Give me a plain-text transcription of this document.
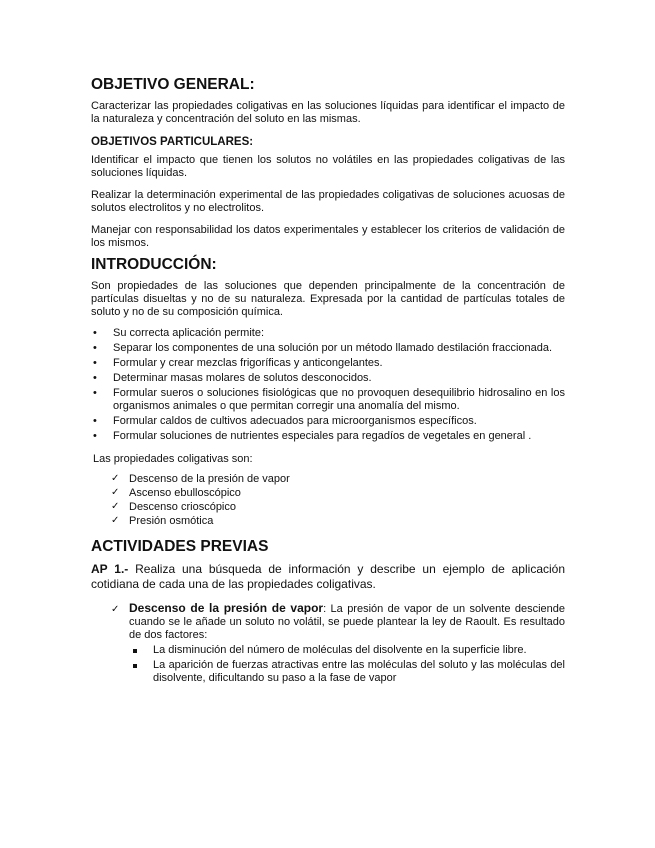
OBJETIVO GENERAL:

Caracterizar las propiedades coligativas en las soluciones líquidas para identificar el impacto de la naturaleza y concentración del soluto en las mismas.

OBJETIVOS PARTICULARES:

Identificar el impacto que tienen los solutos no volátiles en las propiedades coligativas de las soluciones líquidas.

Realizar la determinación experimental de las propiedades coligativas de soluciones acuosas de solutos electrolitos y no electrolitos.

Manejar con responsabilidad los datos experimentales y establecer los criterios de validación de los mismos.

INTRODUCCIÓN:

Son propiedades de las soluciones que dependen principalmente de la concentración de partículas disueltas y no de su naturaleza. Expresada por la cantidad de partículas totales de soluto y no de su composición química.

• Su correcta aplicación permite:
• Separar los componentes de una solución por un método llamado destilación fraccionada.
• Formular y crear mezclas frigoríficas y anticongelantes.
• Determinar masas molares de solutos desconocidos.
• Formular sueros o soluciones fisiológicas que no provoquen desequilibrio hidrosalino en los organismos animales o que permitan corregir una anomalía del mismo.
• Formular caldos de cultivos adecuados para microorganismos específicos.
• Formular soluciones de nutrientes especiales para regadíos de vegetales en general .

Las propiedades coligativas son:

✓ Descenso de la presión de vapor
✓ Ascenso ebulloscópico
✓ Descenso crioscópico
✓ Presión osmótica
ACTIVIDADES PREVIAS
AP 1.- Realiza una búsqueda de información y describe un ejemplo de aplicación cotidiana de cada una de las propiedades coligativas.
✓ Descenso de la presión de vapor: La presión de vapor de un solvente desciende cuando se le añade un soluto no volátil, se puede plantear la ley de Raoult. Es resultado de dos factores:
La disminución del número de moléculas del disolvente en la superficie libre.
La aparición de fuerzas atractivas entre las moléculas del soluto y las moléculas del disolvente, dificultando su paso a la fase de vapor
